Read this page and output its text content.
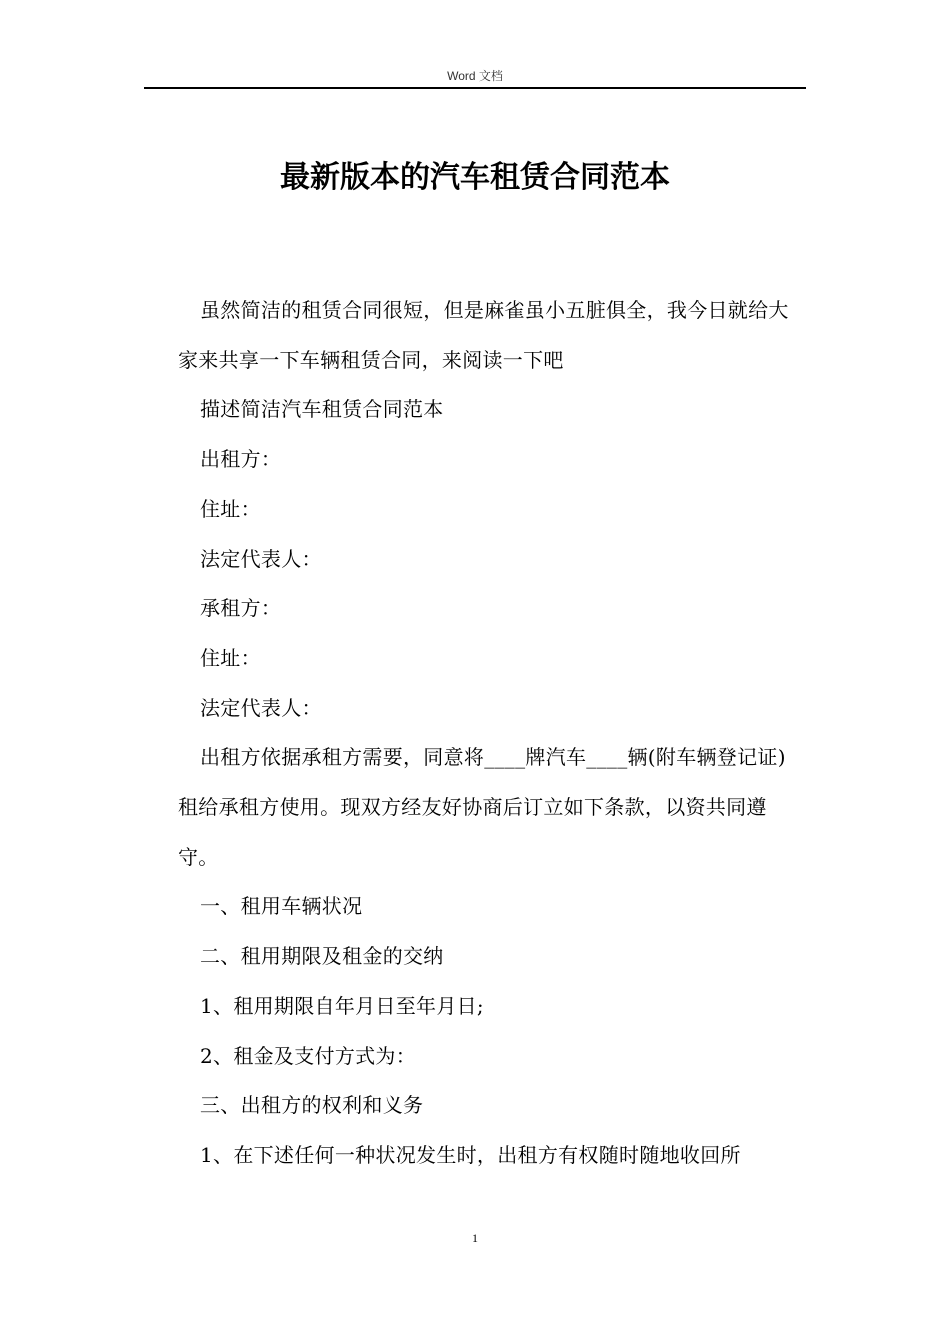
Word 文档
最新版本的汽车租赁合同范本

虽然简洁的租赁合同很短，但是麻雀虽小五脏俱全，我今日就给大家来共享一下车辆租赁合同，来阅读一下吧

描述简洁汽车租赁合同范本

出租方：

住址：

法定代表人：

承租方：

住址：

法定代表人：

出租方依据承租方需要，同意将____牌汽车____辆(附车辆登记证)租给承租方使用。现双方经友好协商后订立如下条款，以资共同遵守。

一、租用车辆状况

二、租用期限及租金的交纳

1、租用期限自年月日至年月日;

2、租金及支付方式为：

三、出租方的权利和义务

1、在下述任何一种状况发生时，出租方有权随时随地收回所

1
